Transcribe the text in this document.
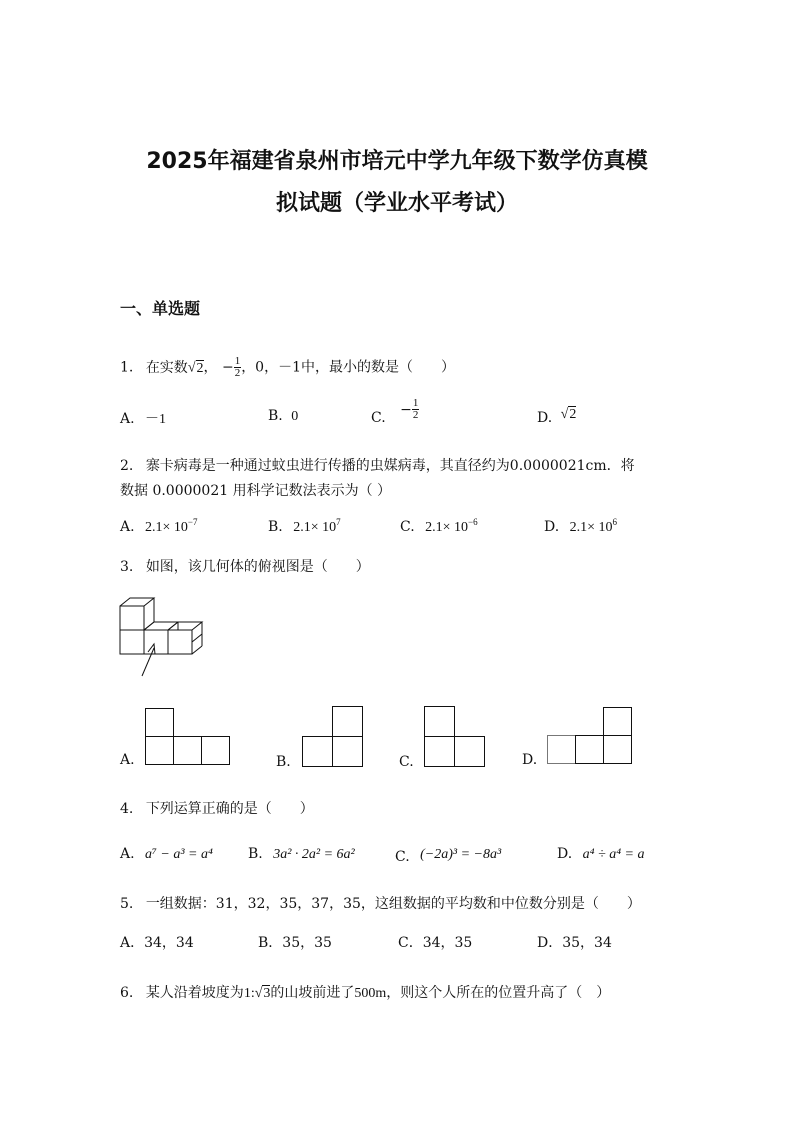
2025年福建省泉州市培元中学九年级下数学仿真模
拟试题（学业水平考试）
一、单选题
1. 在实数√2， − $\frac{1}{2}$ ，0，－1中，最小的数是（　　）
A. －1	B. 0	C. − $\frac{1}{2}$	D. √2
2. 寨卡病毒是一种通过蚊虫进行传播的虫媒病毒，其直径约为0.0000021cm．将
数据 0.0000021 用科学记数法表示为（ ）
A. $2.1\times 10^{-7}$	B. $2.1\times 10^7$	C. $2.1\times 10^{-6}$	D. $2.1\times 10^6$
3. 如图，该几何体的俯视图是（　　）
A.	B.	C.	D.
4. 下列运算正确的是（　　）
A. a⁷ − a³ = a⁴	B. 3a² · 2a² = 6a²	C. (−2a)³ = −8a³	D. a⁴ ÷ a⁴ = a
5. 一组数据：31，32，35，37，35，这组数据的平均数和中位数分别是（　　）
A．34，34	B．35，35	C．34，35	D．35，34
6. 某人沿着坡度为1:√3的山坡前进了500m，则这个人所在的位置升高了（　）
